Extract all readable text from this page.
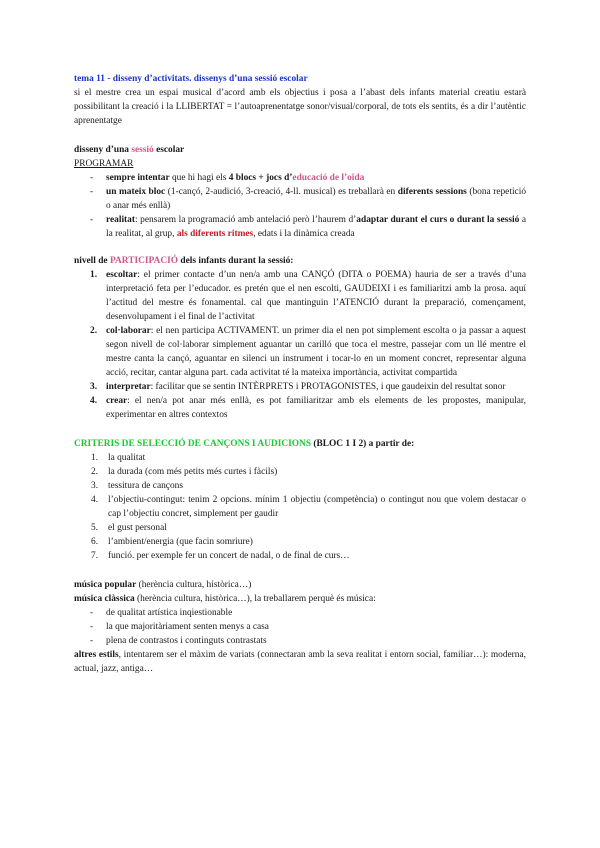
tema 11 - disseny d’activitats. dissenys d’una sessió escolar

si el mestre crea un espai musical d’acord amb els objectius i posa a l’abast dels infants material creatiu estarà possibilitant la creació i la LLIBERTAT = l’autoaprenentatge sonor/visual/corporal, de tots els sentits, és a dir l’autèntic aprenentatge

disseny d’una sessió escolar

PROGRAMAR

- sempre intentar que hi hagi els 4 blocs + jocs d’educació de l’oïda
- un mateix bloc (1-cançó, 2-audició, 3-creació, 4-ll. musical) es treballarà en diferents sessions (bona repetició o anar més enllà)
- realitat: pensarem la programació amb antelació però l’haurem d’adaptar durant el curs o durant la sessió a la realitat, al grup, als diferents ritmes, edats i la dinàmica creada

nivell de PARTICIPACIÓ dels infants durant la sessió:

1. escoltar: el primer contacte d’un nen/a amb una CANÇÓ (DITA o POEMA) hauria de ser a través d’una interpretació feta per l’educador. es pretén que el nen escolti, GAUDEIXI i es familiaritzi amb la prosa. aquí l’actitud del mestre és fonamental. cal que mantinguin l’ATENCIÓ durant la preparació, començament, desenvolupament i el final de l’activitat
2. col·laborar: el nen participa ACTIVAMENT. un primer dia el nen pot simplement escolta o ja passar a aquest segon nivell de col·laborar simplement aguantar un carilló que toca el mestre, passejar com un llé mentre el mestre canta la cançó, aguantar en silenci un instrument i tocar-lo en un moment concret, representar alguna acció, recitar, cantar alguna part. cada activitat té la mateixa importància, activitat compartida
3. interpretar: facilitar que se sentin INTÈRPRETS i PROTAGONISTES, i que gaudeixin del resultat sonor
4. crear: el nen/a pot anar més enllà, es pot familiaritzar amb els elements de les propostes, manipular, experimentar en altres contextos

CRITERIS DE SELECCIÓ DE CANÇONS I AUDICIONS (BLOC 1 I 2) a partir de:

1. la qualitat
2. la durada (com més petits més curtes i fàcils)
3. tessitura de cançons
4. l’objectiu-contingut: tenim 2 opcions. mínim 1 objectiu (competència) o contingut nou que volem destacar o cap l’objectiu concret, simplement per gaudir
5. el gust personal
6. l’ambient/energia (que facin somriure)
7. funció. per exemple fer un concert de nadal, o de final de curs…

música popular (herència cultura, històrica…)

música clàssica (herència cultura, històrica…), la treballarem perquè és música:

- de qualitat artística inqiestionable
- la que majoritàriament senten menys a casa
- plena de contrastos i continguts contrastats

altres estils, intentarem ser el màxim de variats (connectaran amb la seva realitat i entorn social, familiar…): moderna, actual, jazz, antiga…
